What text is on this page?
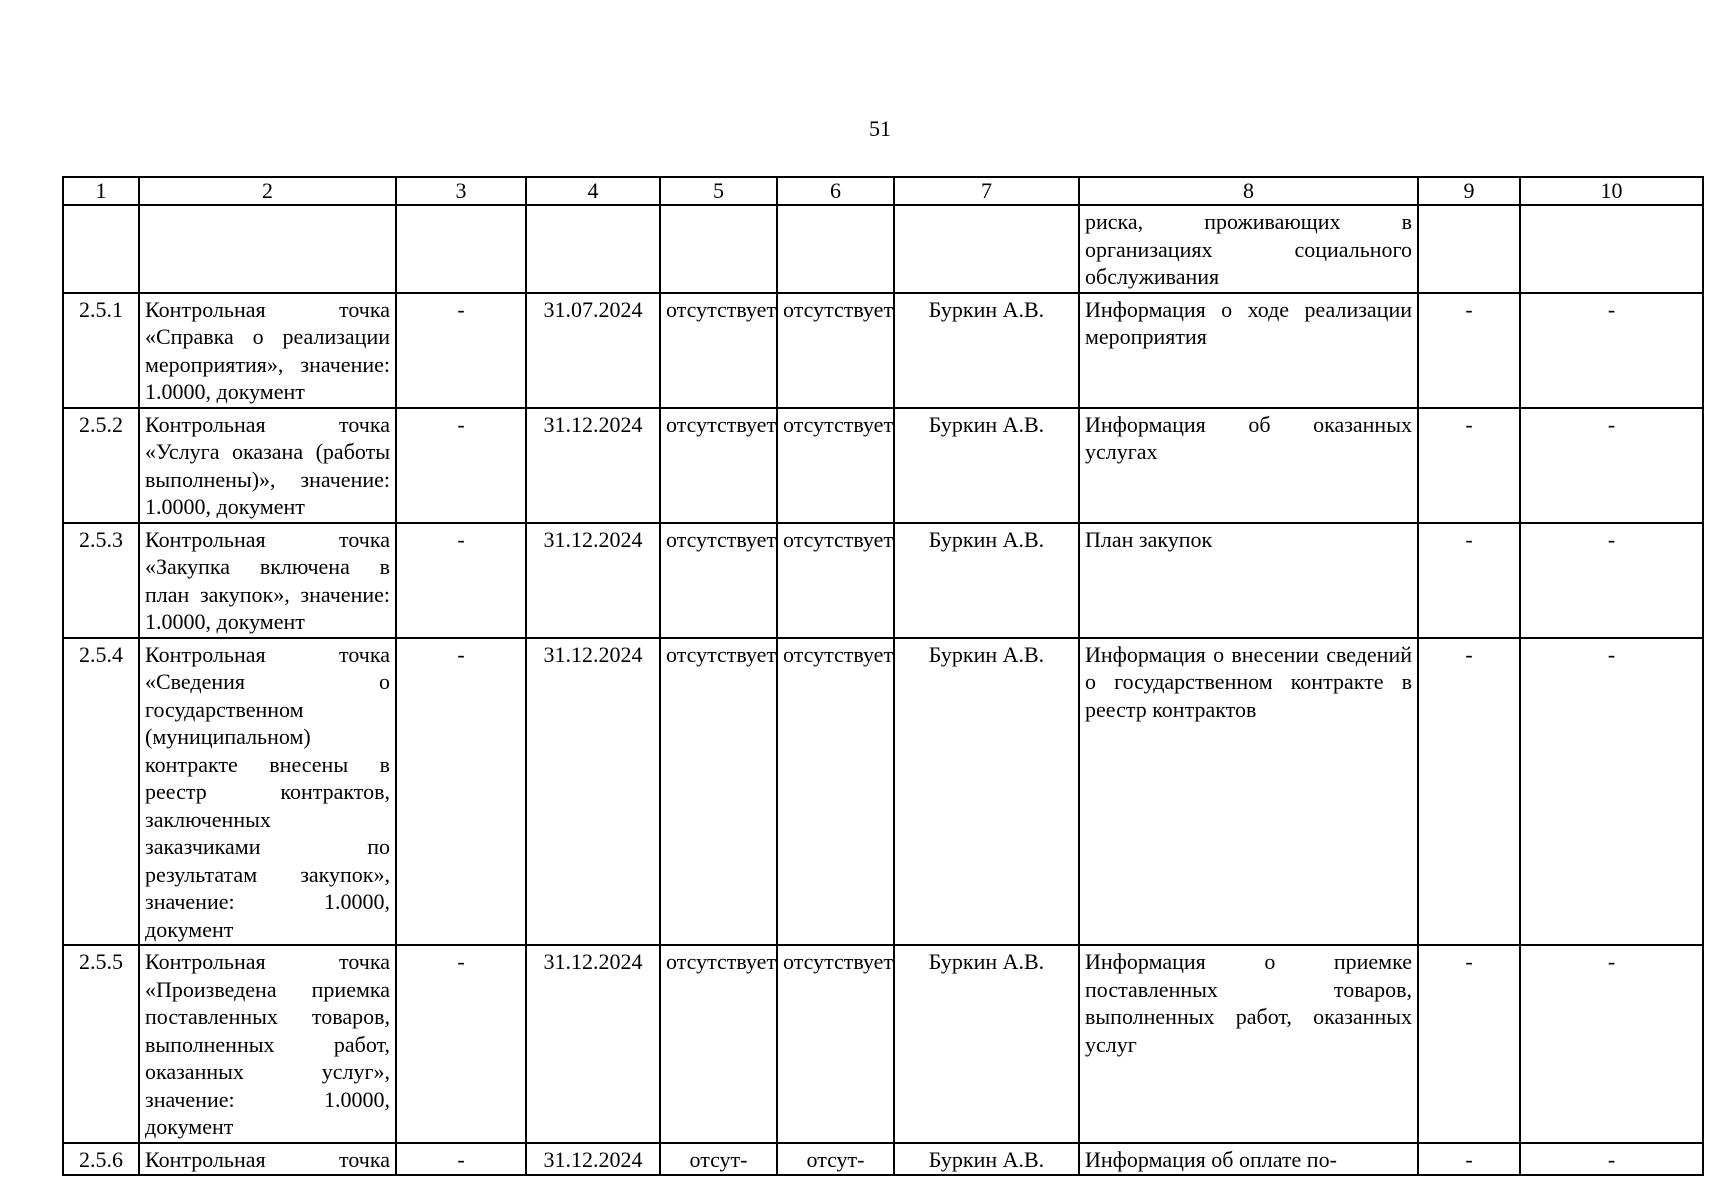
51
1	2	3	4	5	6	7	8	9	10
							риска, проживающих в организациях социального обслуживания		
2.5.1	Контрольная точка «Справка о реализации мероприятия», значение: 1.0000, документ	-	31.07.2024	отсутствует	отсутствует	Буркин А.В.	Информация о ходе реализации мероприятия	-	-
2.5.2	Контрольная точка «Услуга оказана (работы выполнены)», значение: 1.0000, документ	-	31.12.2024	отсутствует	отсутствует	Буркин А.В.	Информация об оказанных услугах	-	-
2.5.3	Контрольная точка «Закупка включена в план закупок», значение: 1.0000, документ	-	31.12.2024	отсутствует	отсутствует	Буркин А.В.	План закупок	-	-
2.5.4	Контрольная точка «Сведения о государственном (муниципальном) контракте внесены в реестр контрактов, заключенных заказчиками по результатам закупок», значение: 1.0000, документ	-	31.12.2024	отсутствует	отсутствует	Буркин А.В.	Информация о внесении сведений о государственном контракте в реестр контрактов	-	-
2.5.5	Контрольная точка «Произведена приемка поставленных товаров, выполненных работ, оказанных услуг», значение: 1.0000, документ	-	31.12.2024	отсутствует	отсутствует	Буркин А.В.	Информация о приемке поставленных товаров, выполненных работ, оказанных услуг	-	-
2.5.6	Контрольная точка	-	31.12.2024	отсут-	отсут-	Буркин А.В.	Информация об оплате по-	-	-
